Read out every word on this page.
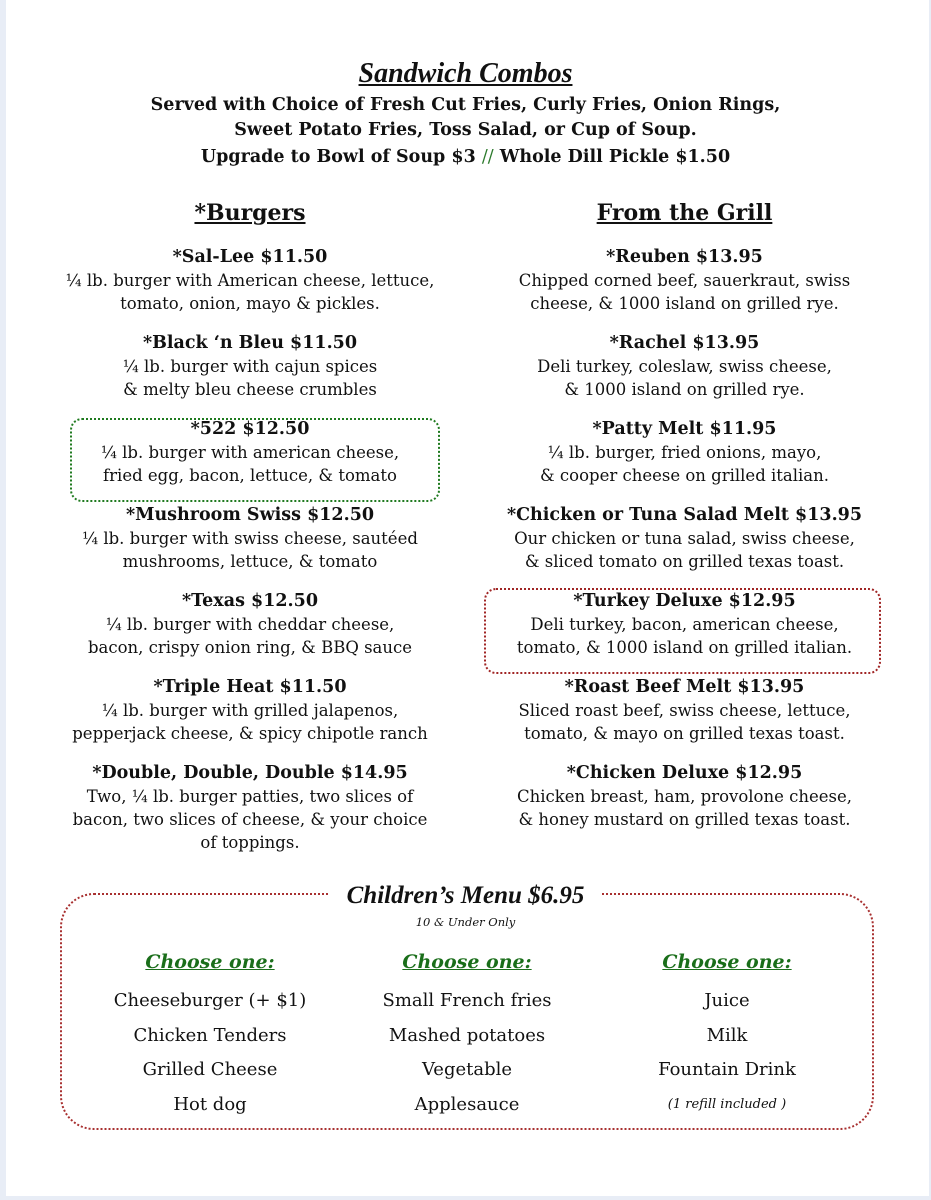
Sandwich Combos
Served with Choice of Fresh Cut Fries, Curly Fries, Onion Rings,
Sweet Potato Fries, Toss Salad, or Cup of Soup.
Upgrade to Bowl of Soup $3 // Whole Dill Pickle $1.50
*Burgers
*Sal-Lee $11.50
¼ lb. burger with American cheese, lettuce,
tomato, onion, mayo & pickles.
*Black ‘n Bleu $11.50
¼ lb. burger with cajun spices
& melty bleu cheese crumbles
*522 $12.50
¼ lb. burger with american cheese,
fried egg, bacon, lettuce, & tomato
*Mushroom Swiss $12.50
¼ lb. burger with swiss cheese, sautéed
mushrooms, lettuce, & tomato
*Texas $12.50
¼ lb. burger with cheddar cheese,
bacon, crispy onion ring, & BBQ sauce
*Triple Heat $11.50
¼ lb. burger with grilled jalapenos,
pepperjack cheese, & spicy chipotle ranch
*Double, Double, Double $14.95
Two, ¼ lb. burger patties, two slices of
bacon, two slices of cheese, & your choice
of toppings.
From the Grill
*Reuben $13.95
Chipped corned beef, sauerkraut, swiss
cheese, & 1000 island on grilled rye.
*Rachel $13.95
Deli turkey, coleslaw, swiss cheese,
& 1000 island on grilled rye.
*Patty Melt $11.95
¼ lb. burger, fried onions, mayo,
& cooper cheese on grilled italian.
*Chicken or Tuna Salad Melt $13.95
Our chicken or tuna salad, swiss cheese,
& sliced tomato on grilled texas toast.
*Turkey Deluxe $12.95
Deli turkey, bacon, american cheese,
tomato, & 1000 island on grilled italian.
*Roast Beef Melt $13.95
Sliced roast beef, swiss cheese, lettuce,
tomato, & mayo on grilled texas toast.
*Chicken Deluxe $12.95
Chicken breast, ham, provolone cheese,
& honey mustard on grilled texas toast.
Children’s Menu $6.95
10 & Under Only
Choose one:
Cheeseburger (+ $1)
Chicken Tenders
Grilled Cheese
Hot dog
Choose one:
Small French fries
Mashed potatoes
Vegetable
Applesauce
Choose one:
Juice
Milk
Fountain Drink
(1 refill included )
